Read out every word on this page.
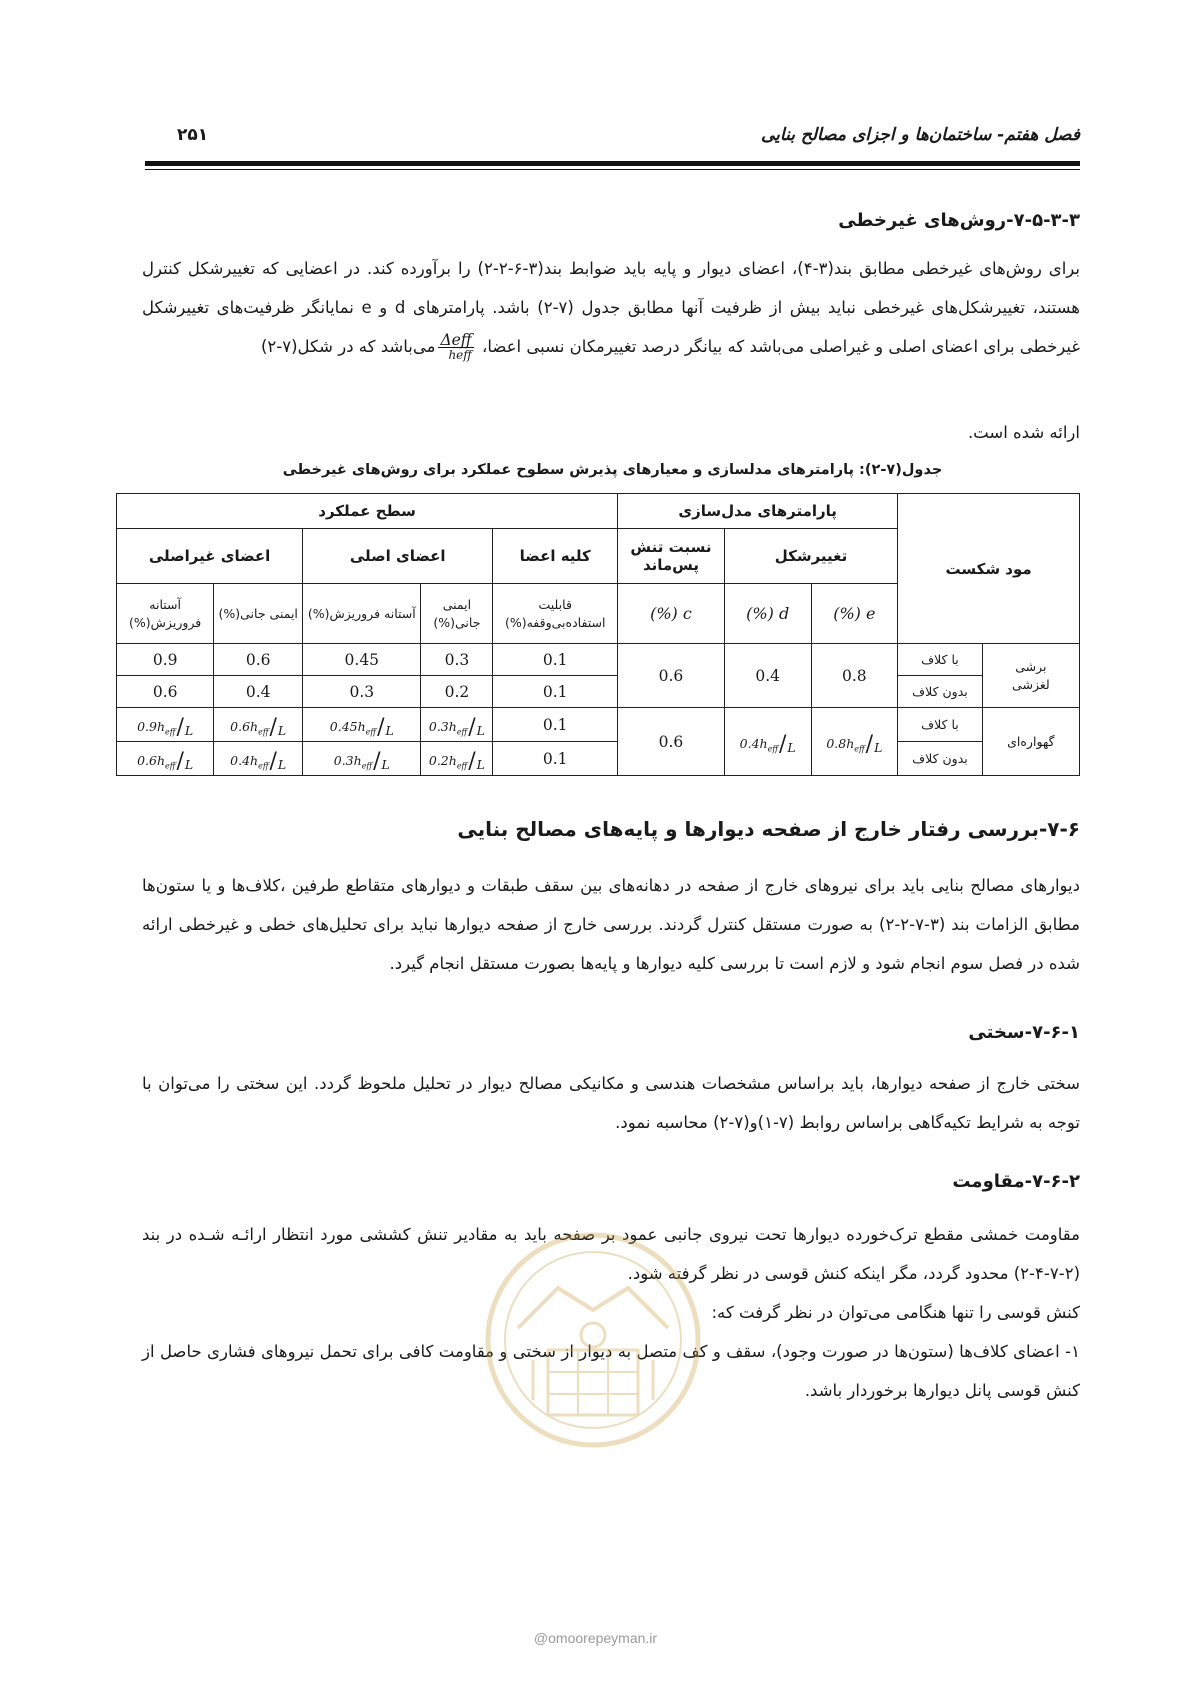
فصل هفتم- ساختمان‌ها و اجزای مصالح بنایی
۲۵۱
۷-۵-۳-۳-روش‌های غیرخطی

برای روش‌های غیرخطی مطابق بند(۳-۴)، اعضای دیوار و پایه باید ضوابط بند(۳-۶-۲-۲) را برآورده کند. در اعضایی که تغییرشکل کنترل هستند، تغییرشکل‌های غیرخطی نباید بیش از ظرفیت آنها مطابق جدول (۷-۲) باشد. پارامترهای d و e نمایانگر ظرفیت‌های تغییرشکل غیرخطی برای اعضای اصلی و غیراصلی می‌باشد که بیانگر درصد تغییرمکان نسبی اعضا،
$\frac{\text{Δeff}}{\text{heff}}$
می‌باشد که در شکل(۷-۲)

ارائه شده است.

جدول(۷-۲): پارامترهای مدلسازی و معیارهای پذیرش سطوح عملکرد برای روش‌های غیرخطی
مود شکست		پارامترهای مدل‌سازی			سطح عملکرد				
		تغییرشکل		نسبت تنش پس‌ماند	کلیه اعضا	اعضای اصلی		اعضای غیراصلی	
		e (%)	d (%)	c (%)	قابلیت استفاده‌بی‌وقفه(%)	ایمنی جانی(%)	آستانه فروریزش(%)	ایمنی جانی(%)	آستانه فروریزش(%)
برشی
لغزشی	با کلاف	0.8	0.4	0.6	0.1	0.3	0.45	0.6	0.9
	بدون کلاف				0.1	0.2	0.3	0.4	0.6
گهواره‌ای	با کلاف	$0.8h_{eff}/L$	$0.4h_{eff}/L$	0.6	0.1	$0.3h_{eff}/L$	$0.45h_{eff}/L$	$0.6h_{eff}/L$	$0.9h_{eff}/L$
	بدون کلاف				0.1	$0.2h_{eff}/L$	$0.3h_{eff}/L$	$0.4h_{eff}/L$	$0.6h_{eff}/L$
۷-۶-بررسی رفتار خارج از صفحه دیوارها و پایه‌های مصالح بنایی

دیوارهای مصالح بنایی باید برای نیروهای خارج از صفحه در دهانه‌های بین سقف طبقات و دیوارهای متقاطع طرفین ،کلاف‌ها و یا ستون‌ها مطابق الزامات بند (۳-۷-۲-۲) به صورت مستقل کنترل گردند. بررسی خارج از صفحه دیوارها نباید برای تحلیل‌های خطی و غیرخطی ارائه شده در فصل سوم انجام شود و لازم است تا بررسی کلیه دیوارها و پایه‌ها بصورت مستقل انجام گیرد.

۷-۶-۱-سختی

سختی خارج از صفحه دیوارها، باید براساس مشخصات هندسی و مکانیکی مصالح دیوار در تحلیل ملحوظ گردد. این سختی را می‌توان با توجه به شرایط تکیه‌گاهی براساس روابط (۷-۱)و(۷-۲) محاسبه نمود.

۷-۶-۲-مقاومت

مقاومت خمشی مقطع ترک‌خورده دیوارها تحت نیروی جانبی عمود بر صفحه باید به مقادیر تنش کششی مورد انتظار ارائـه شـده در بند (۲-۷-۴-۲) محدود گردد، مگر اینکه کنش قوسی در نظر گرفته شود.

کنش قوسی را تنها هنگامی می‌توان در نظر گرفت که:

۱- اعضای کلاف‌ها (ستون‌ها در صورت وجود)، سقف و کف متصل به دیوار از سختی و مقاومت کافی برای تحمل نیروهای فشاری حاصل از کنش قوسی پانل دیوارها برخوردار باشد.

@omoorepeyman.ir
